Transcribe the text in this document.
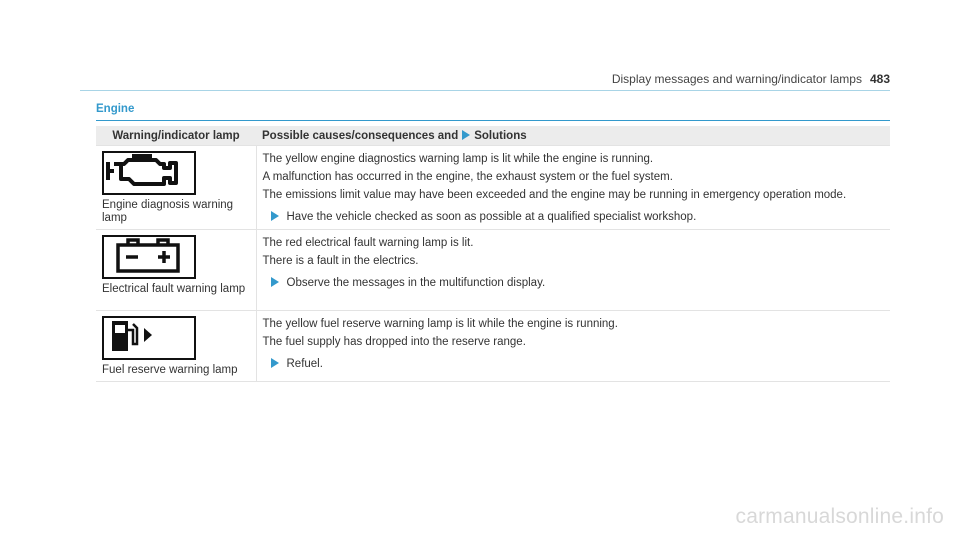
Display messages and warning/indicator lamps 483
Engine
Warning/indicator lamp	Possible causes/consequences and Solutions

Engine diagnosis warning lamp	The yellow engine diagnostics warning lamp is lit while the engine is running.
A malfunction has occurred in the engine, the exhaust system or the fuel system.
The emissions limit value may have been exceeded and the engine may be running in emergency operation mode.
Have the vehicle checked as soon as possible at a qualified specialist workshop.

Electrical fault warning lamp	The red electrical fault warning lamp is lit.
There is a fault in the electrics.
Observe the messages in the multifunction display.

Fuel reserve warning lamp	The yellow fuel reserve warning lamp is lit while the engine is running.
The fuel supply has dropped into the reserve range.
Refuel.
carmanualsonline.info
